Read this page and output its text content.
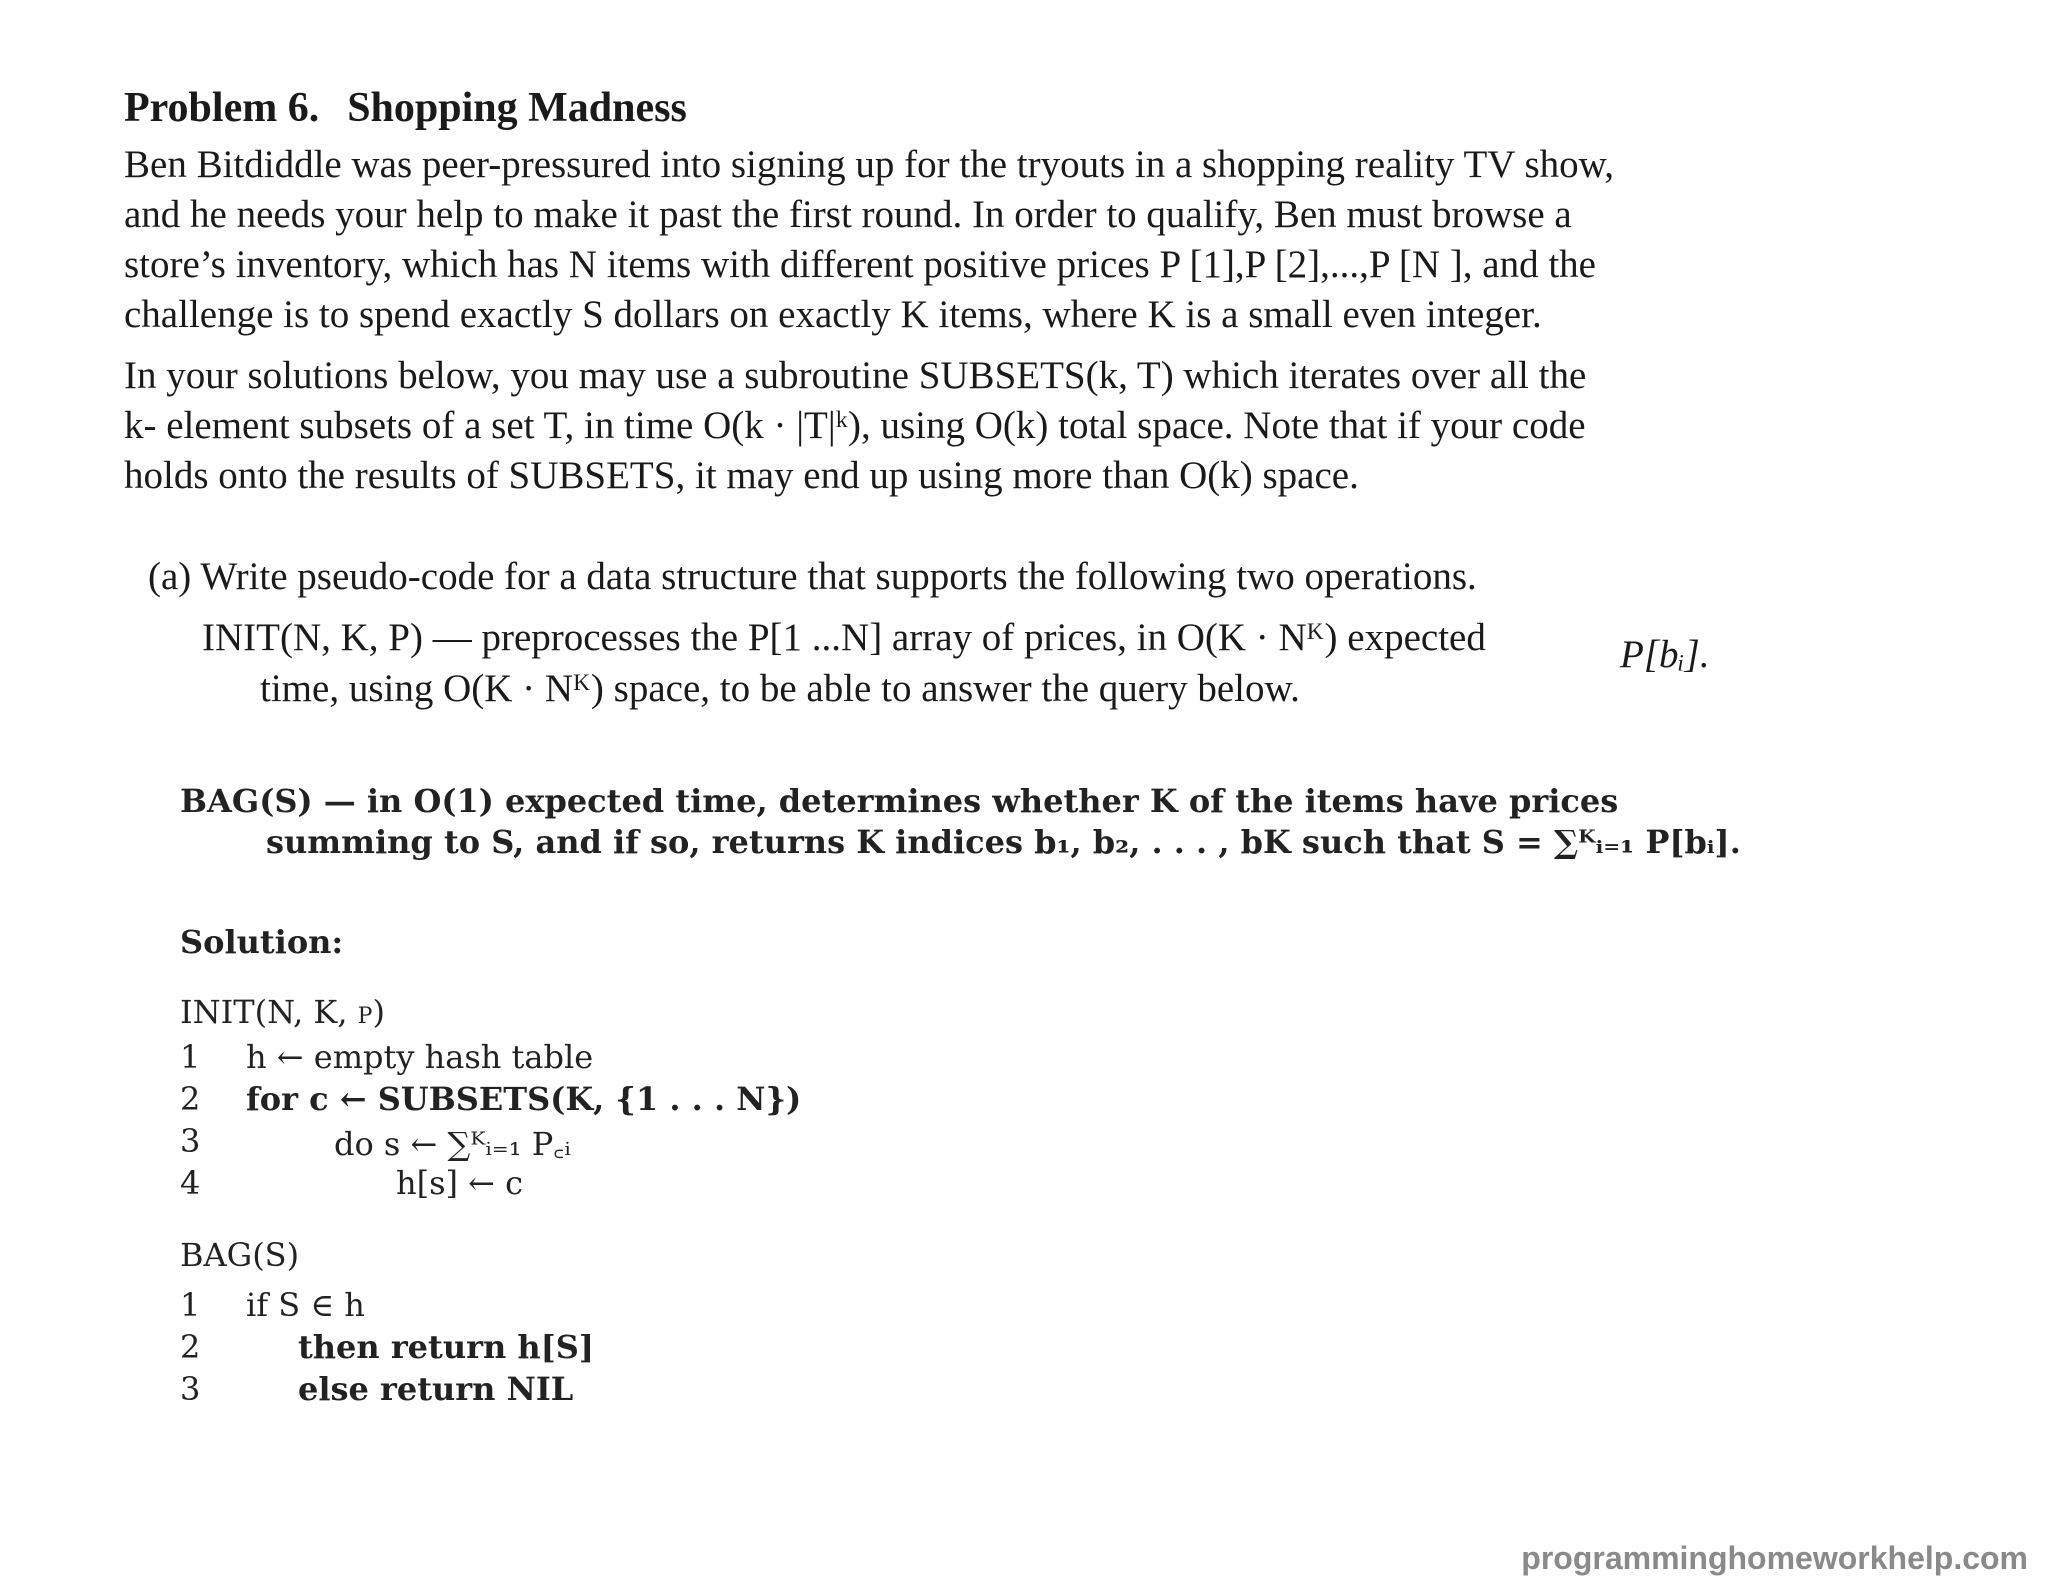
Problem 6. Shopping Madness
Ben Bitdiddle was peer-pressured into signing up for the tryouts in a shopping reality TV show,
and he needs your help to make it past the first round. In order to qualify, Ben must browse a
store’s inventory, which has N items with different positive prices P [1],P [2],...,P [N ], and the
challenge is to spend exactly S dollars on exactly K items, where K is a small even integer.
In your solutions below, you may use a subroutine SUBSETS(k, T) which iterates over all the
k- element subsets of a set T, in time O(k · |T|ᵏ), using O(k) total space. Note that if your code
holds onto the results of SUBSETS, it may end up using more than O(k) space.
(a) Write pseudo-code for a data structure that supports the following two operations.
INIT(N, K, P) — preprocesses the P[1 ...N] array of prices, in O(K · Nᴷ) expected
time, using O(K · Nᴷ) space, to be able to answer the query below.
P[bᵢ].
BAG(S) — in O(1) expected time, determines whether K of the items have prices
summing to S, and if so, returns K indices b₁, b₂, . . . , bK such that S = ∑ᴷᵢ₌₁ P[bᵢ].
Solution:
INIT(N, K, p)
1 h ← empty hash table
2 for c ← SUBSETS(K, {1 . . . N})
3	do s ← ∑ᴷᵢ₌₁ P꜀ᵢ
4	h[s] ← c
BAG(S)
1 if S ∈ h
2	then return h[S]
3	else return NIL
programminghomeworkhelp.com
